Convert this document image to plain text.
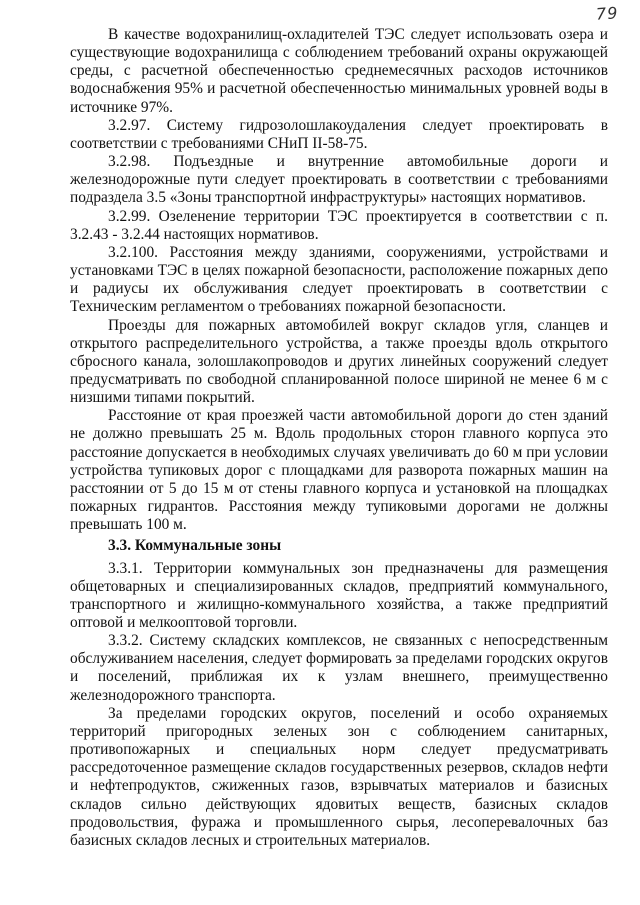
79

В качестве водохранилищ-охладителей ТЭС следует использовать озера и существующие водохранилища с соблюдением требований охраны окружающей среды, с расчетной обеспеченностью среднемесячных расходов источников водоснабжения 95% и расчетной обеспеченностью минимальных уровней воды в источнике 97%.

3.2.97. Систему гидрозолошлакоудаления следует проектировать в соответствии с требованиями СНиП II-58-75.

3.2.98. Подъездные и внутренние автомобильные дороги и железнодорожные пути следует проектировать в соответствии с требованиями подраздела 3.5 «Зоны транспортной инфраструктуры» настоящих нормативов.

3.2.99. Озеленение территории ТЭС проектируется в соответствии с п. 3.2.43 - 3.2.44 настоящих нормативов.

3.2.100. Расстояния между зданиями, сооружениями, устройствами и установками ТЭС в целях пожарной безопасности, расположение пожарных депо и радиусы их обслуживания следует проектировать в соответствии с Техническим регламентом о требованиях пожарной безопасности.

Проезды для пожарных автомобилей вокруг складов угля, сланцев и открытого распределительного устройства, а также проезды вдоль открытого сбросного канала, золошлакопроводов и других линейных сооружений следует предусматривать по свободной спланированной полосе шириной не менее 6 м с низшими типами покрытий.

Расстояние от края проезжей части автомобильной дороги до стен зданий не должно превышать 25 м. Вдоль продольных сторон главного корпуса это расстояние допускается в необходимых случаях увеличивать до 60 м при условии устройства тупиковых дорог с площадками для разворота пожарных машин на расстоянии от 5 до 15 м от стены главного корпуса и установкой на площадках пожарных гидрантов. Расстояния между тупиковыми дорогами не должны превышать 100 м.

3.3. Коммунальные зоны

3.3.1. Территории коммунальных зон предназначены для размещения общетоварных и специализированных складов, предприятий коммунального, транспортного и жилищно-коммунального хозяйства, а также предприятий оптовой и мелкооптовой торговли.

3.3.2. Систему складских комплексов, не связанных с непосредственным обслуживанием населения, следует формировать за пределами городских округов и поселений, приближая их к узлам внешнего, преимущественно железнодорожного транспорта.

За пределами городских округов, поселений и особо охраняемых территорий пригородных зеленых зон с соблюдением санитарных, противопожарных и специальных норм следует предусматривать рассредоточенное размещение складов государственных резервов, складов нефти и нефтепродуктов, сжиженных газов, взрывчатых материалов и базисных складов сильно действующих ядовитых веществ, базисных складов продовольствия, фуража и промышленного сырья, лесоперевалочных баз базисных складов лесных и строительных материалов.
